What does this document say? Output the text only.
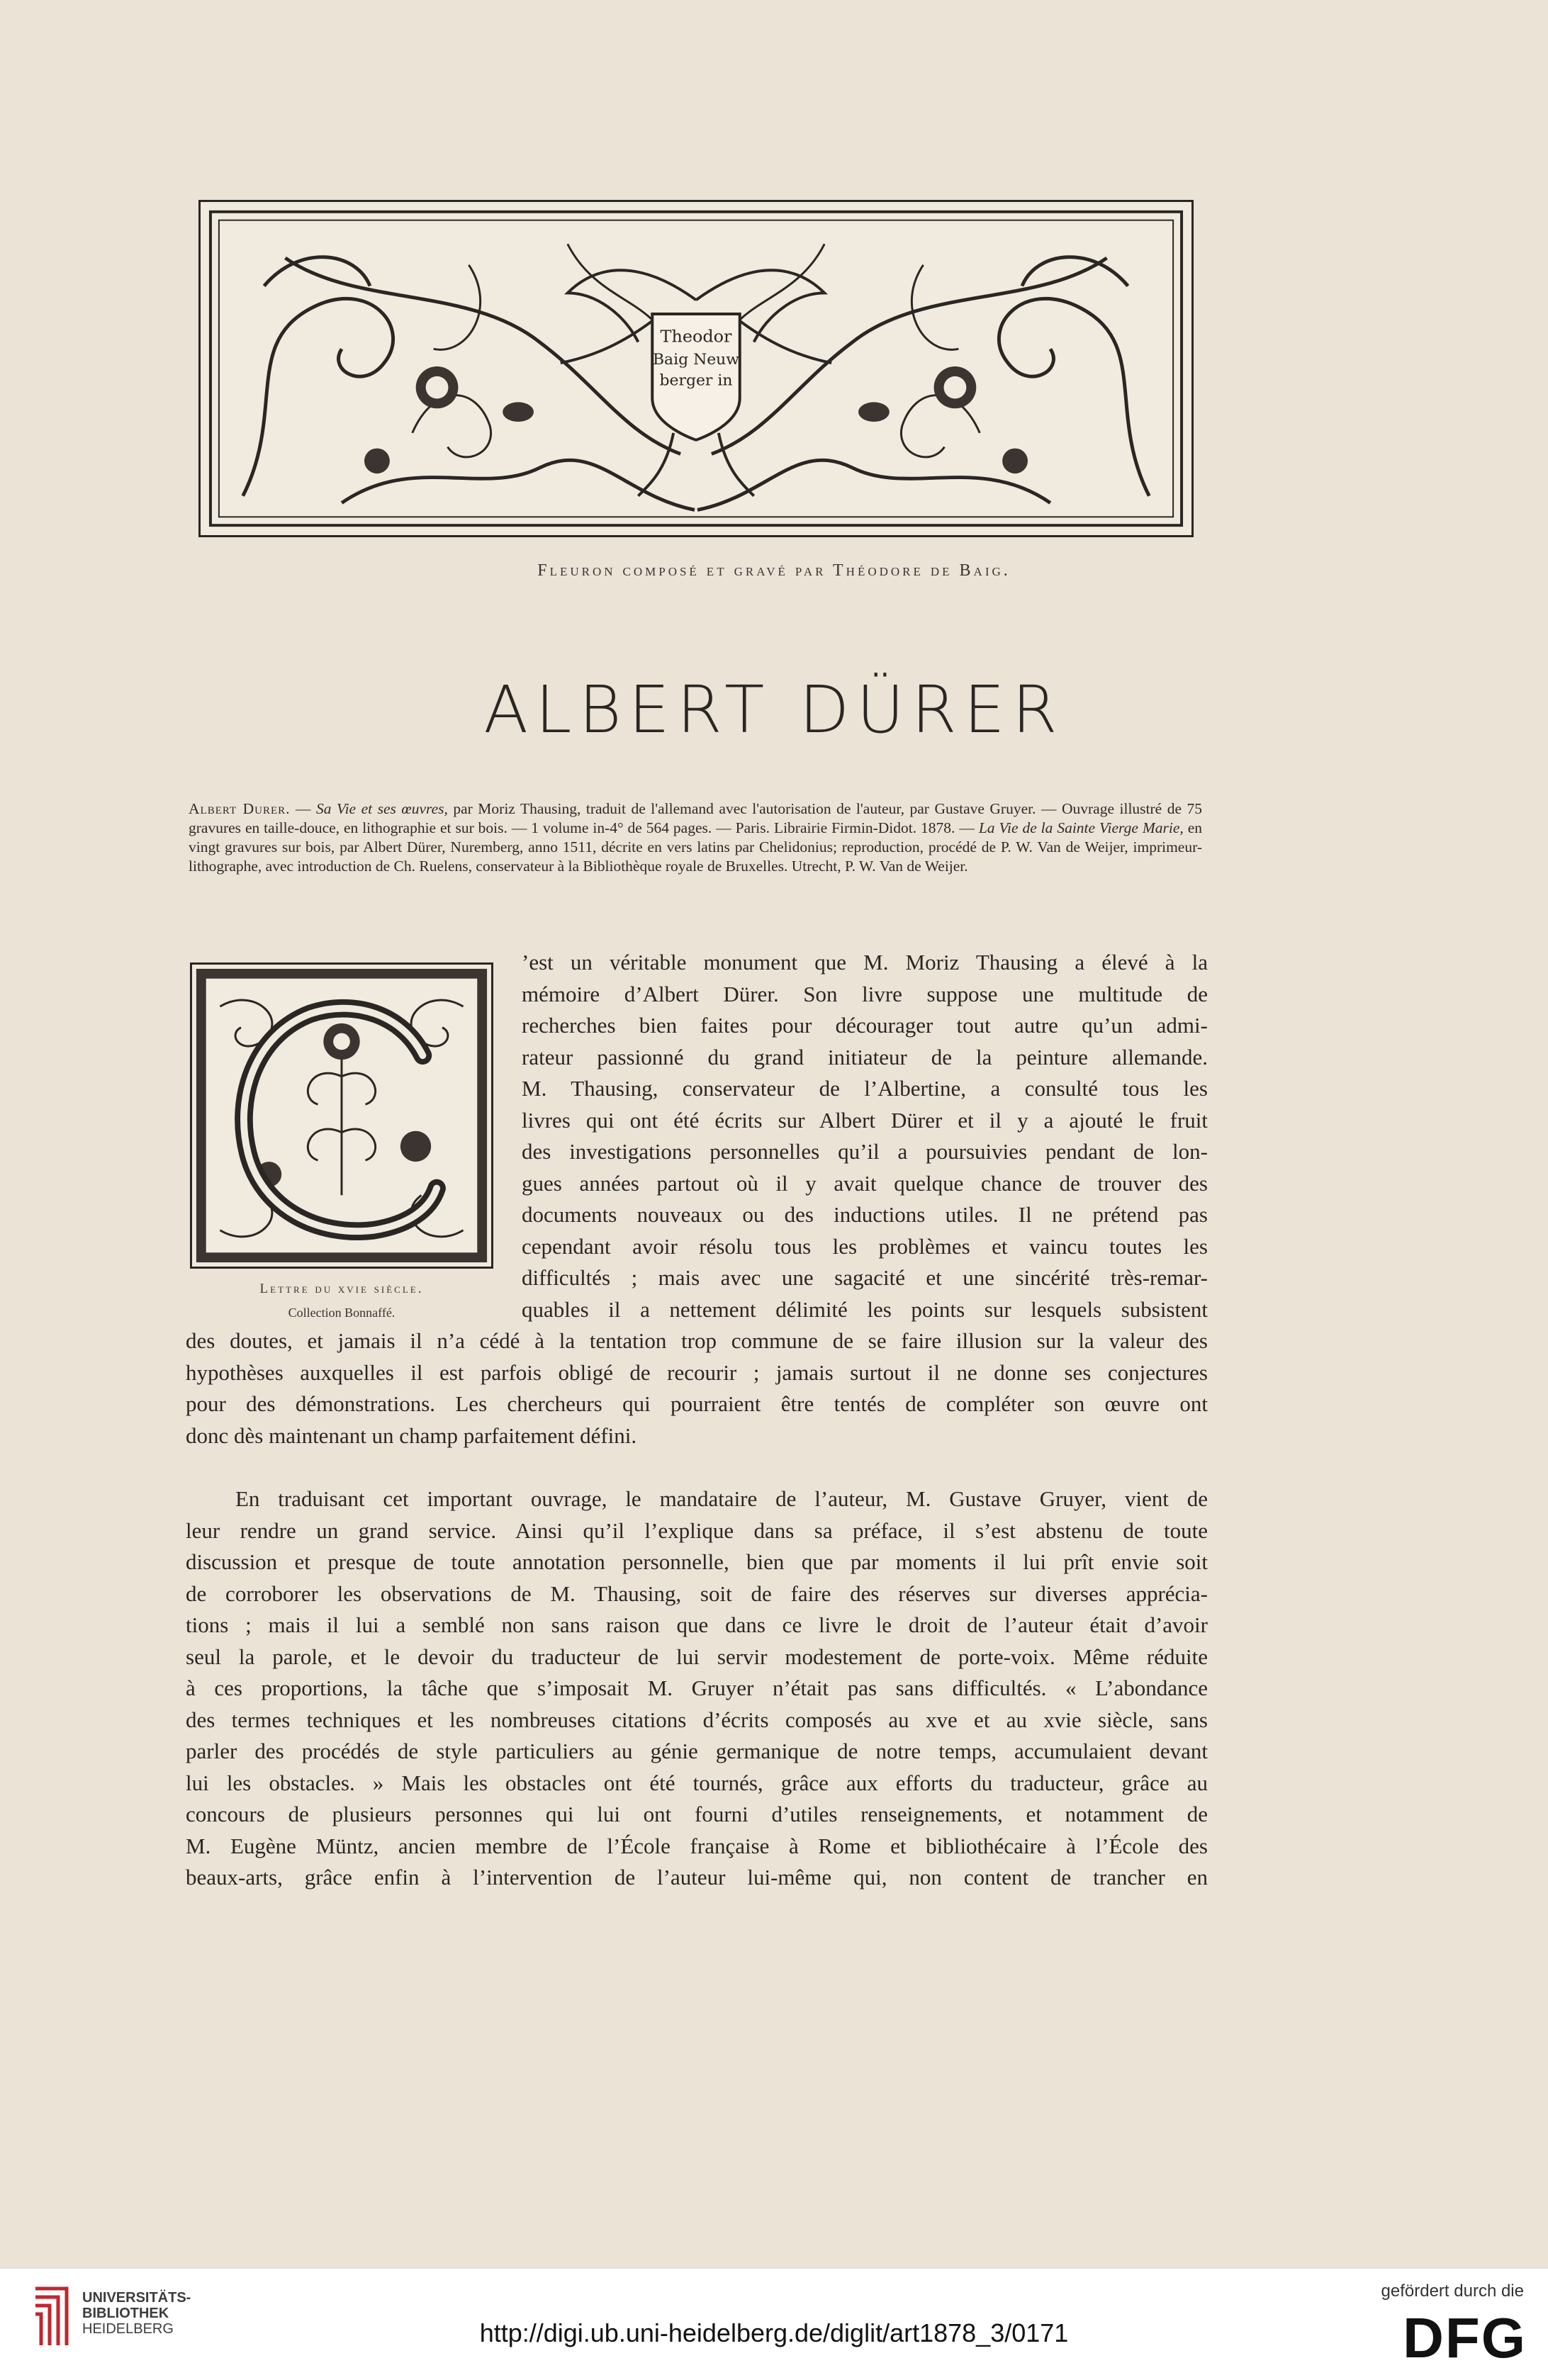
Theodor
Baig Neuw
berger in
Fleuron composé et gravé par Théodore de Baig.
ALBERT DÜRER
Albert Durer. — Sa Vie et ses œuvres, par Moriz Thausing, traduit de l'allemand avec l'autorisation de l'auteur, par Gustave Gruyer. — Ouvrage illustré de 75 gravures en taille-douce, en lithographie et sur bois. — 1 volume in-4° de 564 pages. — Paris. Librairie Firmin-Didot. 1878. — La Vie de la Sainte Vierge Marie, en vingt gravures sur bois, par Albert Dürer, Nuremberg, anno 1511, décrite en vers latins par Chelidonius; reproduction, procédé de P. W. Van de Weijer, imprimeur-lithographe, avec introduction de Ch. Ruelens, conservateur à la Bibliothèque royale de Bruxelles. Utrecht, P. W. Van de Weijer.
Lettre du xvie siècle.
Collection Bonnaffé.
’est un véritable monument que M. Moriz Thausing a élevé à la
mémoire d’Albert Dürer. Son livre suppose une multitude de
recherches bien faites pour décourager tout autre qu’un admi-
rateur passionné du grand initiateur de la peinture allemande.
M. Thausing, conservateur de l’Albertine, a consulté tous les
livres qui ont été écrits sur Albert Dürer et il y a ajouté le fruit
des investigations personnelles qu’il a poursuivies pendant de lon-
gues années partout où il y avait quelque chance de trouver des
documents nouveaux ou des inductions utiles. Il ne prétend pas
cependant avoir résolu tous les problèmes et vaincu toutes les
difficultés ; mais avec une sagacité et une sincérité très-remar-
quables il a nettement délimité les points sur lesquels subsistent
des doutes, et jamais il n’a cédé à la tentation trop commune de se faire illusion sur la valeur des
hypothèses auxquelles il est parfois obligé de recourir ; jamais surtout il ne donne ses conjectures
pour des démonstrations. Les chercheurs qui pourraient être tentés de compléter son œuvre ont
donc dès maintenant un champ parfaitement défini.
En traduisant cet important ouvrage, le mandataire de l’auteur, M. Gustave Gruyer, vient de
leur rendre un grand service. Ainsi qu’il l’explique dans sa préface, il s’est abstenu de toute
discussion et presque de toute annotation personnelle, bien que par moments il lui prît envie soit
de corroborer les observations de M. Thausing, soit de faire des réserves sur diverses apprécia-
tions ; mais il lui a semblé non sans raison que dans ce livre le droit de l’auteur était d’avoir
seul la parole, et le devoir du traducteur de lui servir modestement de porte-voix. Même réduite
à ces proportions, la tâche que s’imposait M. Gruyer n’était pas sans difficultés. « L’abondance
des termes techniques et les nombreuses citations d’écrits composés au xve et au xvie siècle, sans
parler des procédés de style particuliers au génie germanique de notre temps, accumulaient devant
lui les obstacles. » Mais les obstacles ont été tournés, grâce aux efforts du traducteur, grâce au
concours de plusieurs personnes qui lui ont fourni d’utiles renseignements, et notamment de
M. Eugène Müntz, ancien membre de l’École française à Rome et bibliothécaire à l’École des
beaux-arts, grâce enfin à l’intervention de l’auteur lui-même qui, non content de trancher en
UNIVERSITÄTS-
BIBLIOTHEK
HEIDELBERG	http://digi.ub.uni-heidelberg.de/diglit/art1878_3/0171
gefördert durch die
DFG
